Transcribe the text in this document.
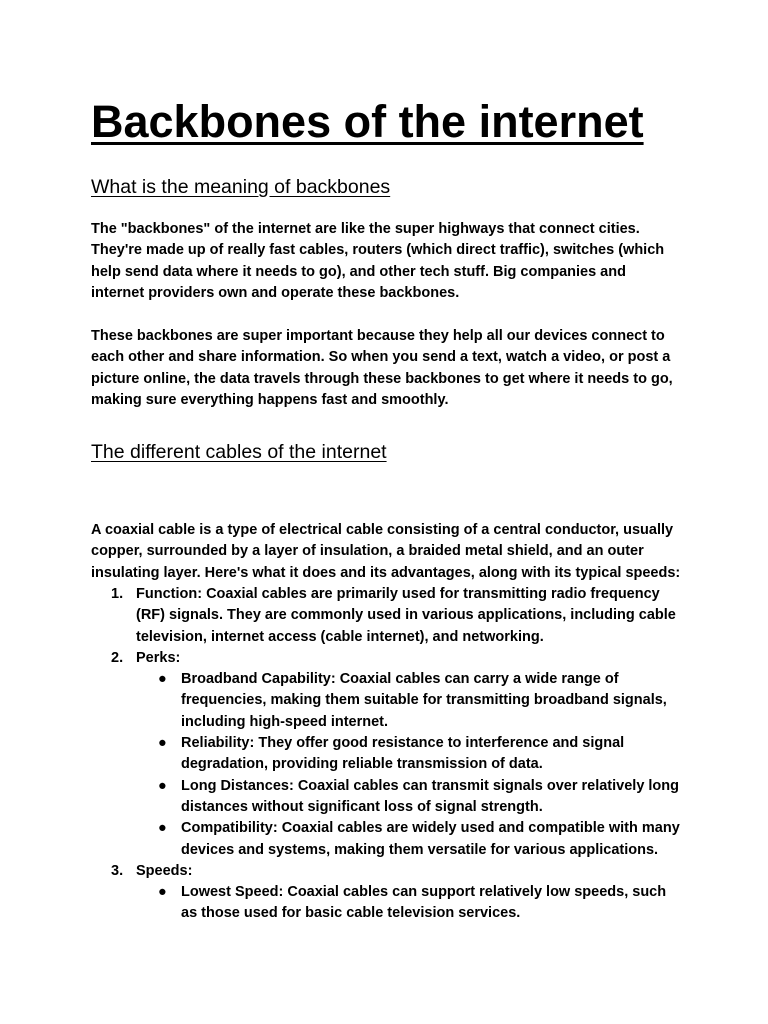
Backbones of the internet
What is the meaning of backbones

The "backbones" of the internet are like the super highways that connect cities. They're made up of really fast cables, routers (which direct traffic), switches (which help send data where it needs to go), and other tech stuff. Big companies and internet providers own and operate these backbones.

These backbones are super important because they help all our devices connect to each other and share information. So when you send a text, watch a video, or post a picture online, the data travels through these backbones to get where it needs to go, making sure everything happens fast and smoothly.

The different cables of the internet

A coaxial cable is a type of electrical cable consisting of a central conductor, usually copper, surrounded by a layer of insulation, a braided metal shield, and an outer insulating layer. Here's what it does and its advantages, along with its typical speeds:

1. Function: Coaxial cables are primarily used for transmitting radio frequency (RF) signals. They are commonly used in various applications, including cable television, internet access (cable internet), and networking.
2. Perks:
● Broadband Capability: Coaxial cables can carry a wide range of frequencies, making them suitable for transmitting broadband signals, including high-speed internet.
● Reliability: They offer good resistance to interference and signal degradation, providing reliable transmission of data.
● Long Distances: Coaxial cables can transmit signals over relatively long distances without significant loss of signal strength.
● Compatibility: Coaxial cables are widely used and compatible with many devices and systems, making them versatile for various applications.
3. Speeds:
● Lowest Speed: Coaxial cables can support relatively low speeds, such as those used for basic cable television services.
